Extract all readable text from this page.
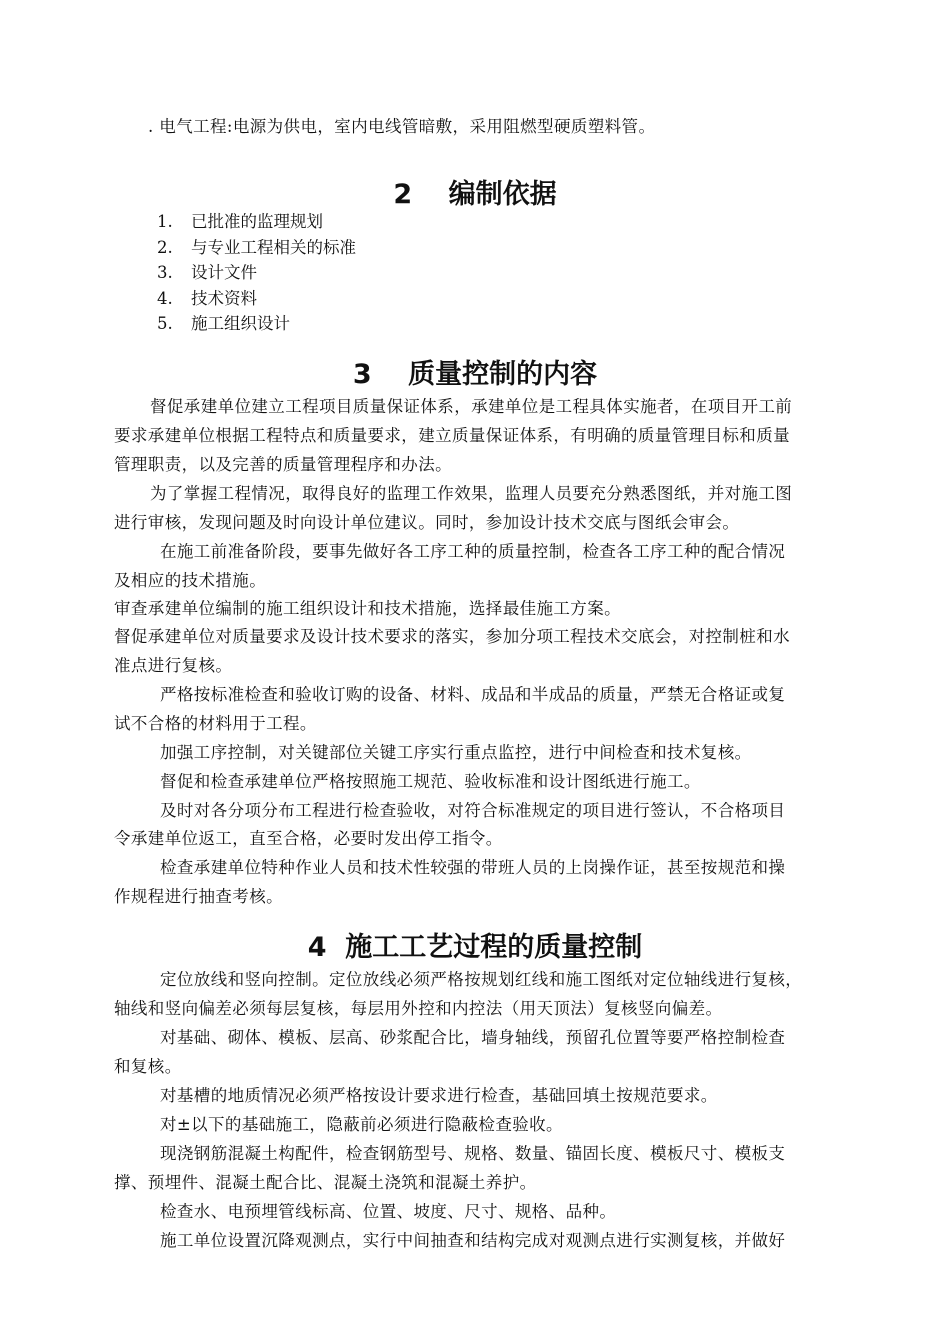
. 电气工程:电源为供电，室内电线管暗敷，采用阻燃型硬质塑料管。
2　 编制依据
1. 已批准的监理规划
2. 与专业工程相关的标准
3. 设计文件
4. 技术资料
5. 施工组织设计
3　 质量控制的内容
督促承建单位建立工程项目质量保证体系，承建单位是工程具体实施者，在项目开工前
要求承建单位根据工程特点和质量要求，建立质量保证体系，有明确的质量管理目标和质量
管理职责，以及完善的质量管理程序和办法。
为了掌握工程情况，取得良好的监理工作效果，监理人员要充分熟悉图纸，并对施工图
进行审核，发现问题及时向设计单位建议。同时，参加设计技术交底与图纸会审会。
在施工前准备阶段，要事先做好各工序工种的质量控制，检查各工序工种的配合情况
及相应的技术措施。
审查承建单位编制的施工组织设计和技术措施，选择最佳施工方案。
督促承建单位对质量要求及设计技术要求的落实，参加分项工程技术交底会，对控制桩和水
准点进行复核。
严格按标准检查和验收订购的设备、材料、成品和半成品的质量，严禁无合格证或复
试不合格的材料用于工程。
加强工序控制，对关键部位关键工序实行重点监控，进行中间检查和技术复核。
督促和检查承建单位严格按照施工规范、验收标准和设计图纸进行施工。
及时对各分项分布工程进行检查验收，对符合标准规定的项目进行签认，不合格项目
令承建单位返工，直至合格，必要时发出停工指令。
检查承建单位特种作业人员和技术性较强的带班人员的上岗操作证，甚至按规范和操
作规程进行抽查考核。
4  施工工艺过程的质量控制
定位放线和竖向控制。定位放线必须严格按规划红线和施工图纸对定位轴线进行复核，
轴线和竖向偏差必须每层复核，每层用外控和内控法（用天顶法）复核竖向偏差。
对基础、砌体、模板、层高、砂浆配合比，墙身轴线，预留孔位置等要严格控制检查
和复核。
对基槽的地质情况必须严格按设计要求进行检查，基础回填土按规范要求。
对±以下的基础施工，隐蔽前必须进行隐蔽检查验收。
现浇钢筋混凝土构配件，检查钢筋型号、规格、数量、锚固长度、模板尺寸、模板支
撑、预埋件、混凝土配合比、混凝土浇筑和混凝土养护。
检查水、电预埋管线标高、位置、坡度、尺寸、规格、品种。
施工单位设置沉降观测点，实行中间抽查和结构完成对观测点进行实测复核，并做好
